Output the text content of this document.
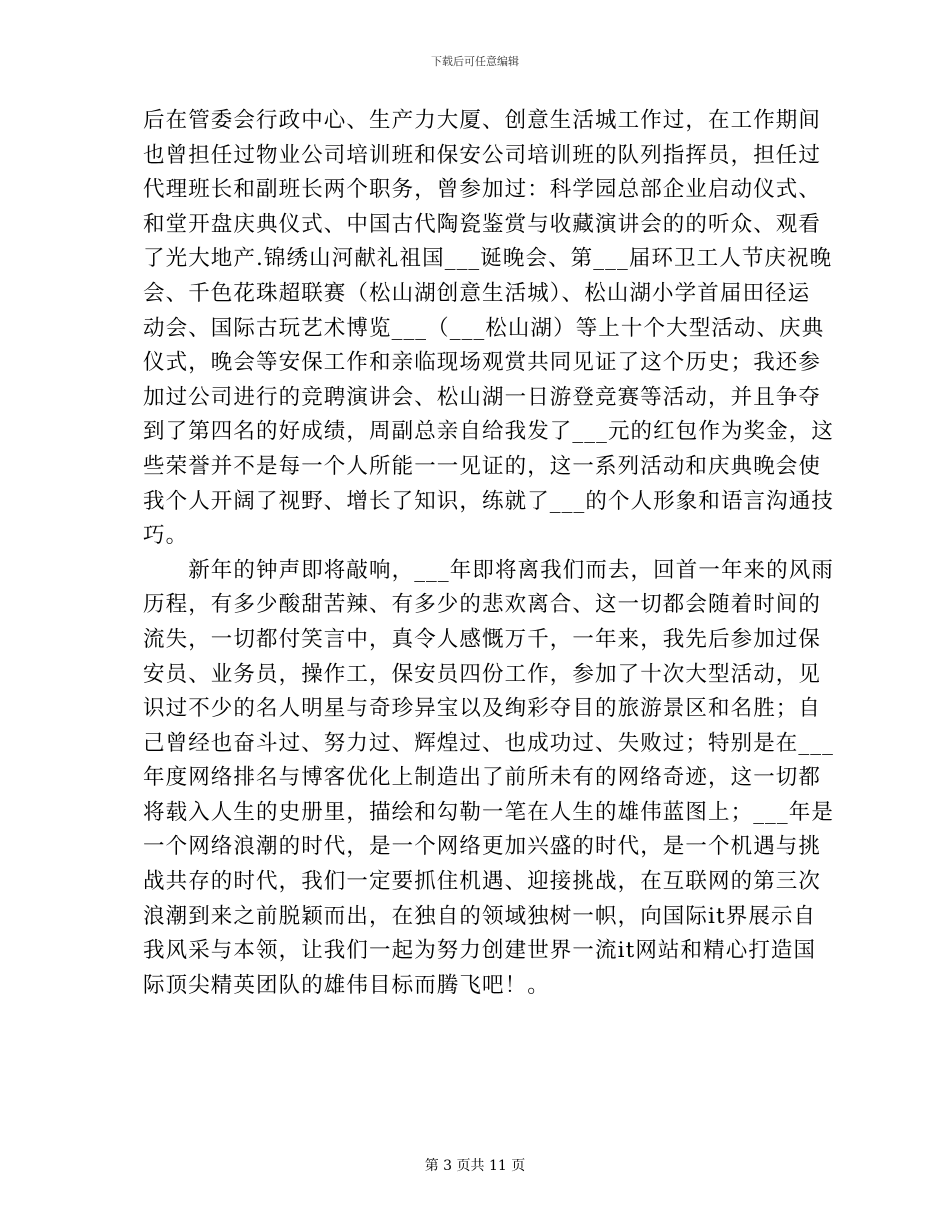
下载后可任意编辑
后在管委会行政中心、生产力大厦、创意生活城工作过，在工作期间
也曾担任过物业公司培训班和保安公司培训班的队列指挥员，担任过
代理班长和副班长两个职务，曾参加过：科学园总部企业启动仪式、
和堂开盘庆典仪式、中国古代陶瓷鉴赏与收藏演讲会的的听众、观看
了光大地产.锦绣山河献礼祖国___诞晚会、第___届环卫工人节庆祝晚
会、千色花珠超联赛（松山湖创意生活城）、松山湖小学首届田径运
动会、国际古玩艺术博览___（___松山湖）等上十个大型活动、庆典
仪式，晚会等安保工作和亲临现场观赏共同见证了这个历史；我还参
加过公司进行的竞聘演讲会、松山湖一日游登竞赛等活动，并且争夺
到了第四名的好成绩，周副总亲自给我发了___元的红包作为奖金，这
些荣誉并不是每一个人所能一一见证的，这一系列活动和庆典晚会使
我个人开阔了视野、增长了知识，练就了___的个人形象和语言沟通技
巧。
　　新年的钟声即将敲响，___年即将离我们而去，回首一年来的风雨
历程，有多少酸甜苦辣、有多少的悲欢离合、这一切都会随着时间的
流失，一切都付笑言中，真令人感慨万千，一年来，我先后参加过保
安员、业务员，操作工，保安员四份工作，参加了十次大型活动，见
识过不少的名人明星与奇珍异宝以及绚彩夺目的旅游景区和名胜；自
己曾经也奋斗过、努力过、辉煌过、也成功过、失败过；特别是在___
年度网络排名与博客优化上制造出了前所未有的网络奇迹，这一切都
将载入人生的史册里，描绘和勾勒一笔在人生的雄伟蓝图上；___年是
一个网络浪潮的时代，是一个网络更加兴盛的时代，是一个机遇与挑
战共存的时代，我们一定要抓住机遇、迎接挑战，在互联网的第三次
浪潮到来之前脱颖而出，在独自的领域独树一帜，向国际it界展示自
我风采与本领，让我们一起为努力创建世界一流it网站和精心打造国
际顶尖精英团队的雄伟目标而腾飞吧！。
第 3 页共 11 页
